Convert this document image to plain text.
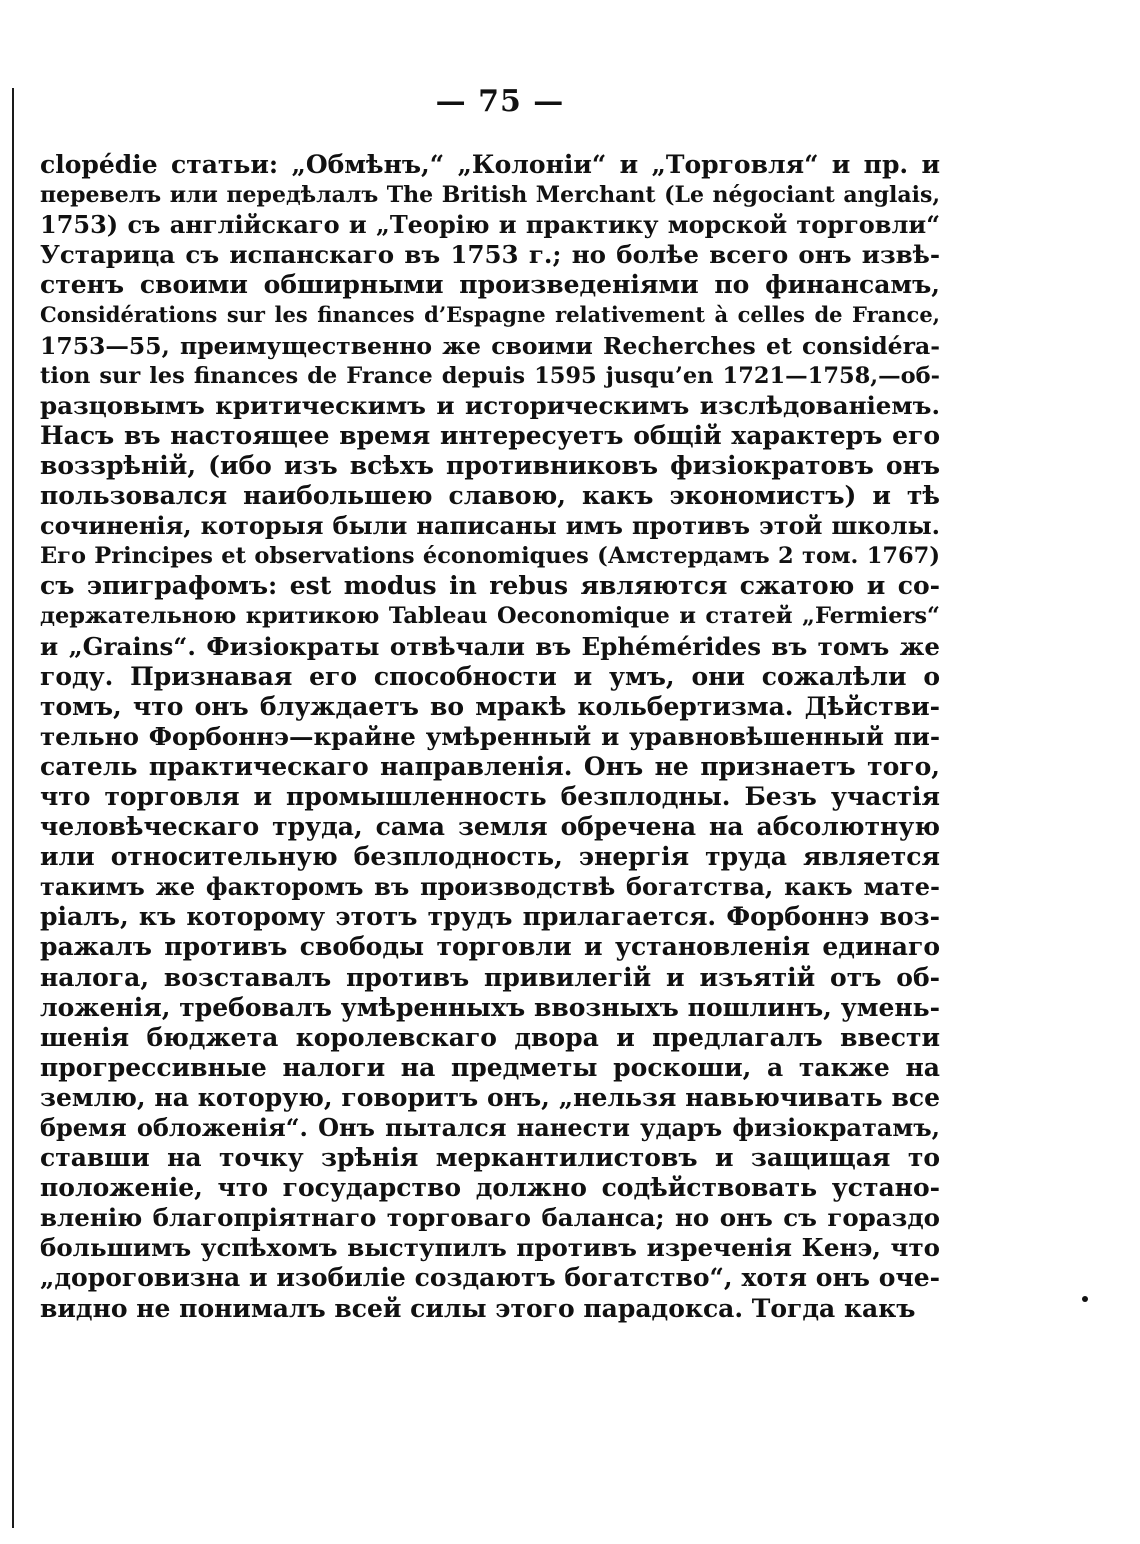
— 75 —
clopédie статьи: „Обмѣнъ,“ „Колоніи“ и „Торговля“ и пр. и
перевелъ или передѣлалъ The British Merchant (Le négociant anglais,
1753) съ англійскаго и „Теорію и практику морской торговли“
Устарица съ испанскаго въ 1753 г.; но болѣе всего онъ извѣ-
стенъ своими обширными произведеніями по финансамъ,
Considérations sur les finances d’Espagne relativement à celles de France,
1753—55, преимущественно же своими Recherches et considéra-
tion sur les finances de France depuis 1595 jusqu’en 1721—1758,—об-
разцовымъ критическимъ и историческимъ изслѣдованіемъ.
Насъ въ настоящее время интересуетъ общій характеръ его
воззрѣній, (ибо изъ всѣхъ противниковъ физіократовъ онъ
пользовался наибольшею славою, какъ экономистъ) и тѣ
сочиненія, которыя были написаны имъ противъ этой школы.
Его Principes et observations économiques (Амстердамъ 2 том. 1767)
съ эпиграфомъ: est modus in rebus являются сжатою и со-
держательною критикою Tableau Oeconomique и статей „Fermiers“
и „Grains“. Физіократы отвѣчали въ Ephémérides въ томъ же
году. Признавая его способности и умъ, они сожалѣли о
томъ, что онъ блуждаетъ во мракѣ кольбертизма. Дѣйстви-
тельно Форбоннэ—крайне умѣренный и уравновѣшенный пи-
сатель практическаго направленія. Онъ не признаетъ того,
что торговля и промышленность безплодны. Безъ участія
человѣческаго труда, сама земля обречена на абсолютную
или относительную безплодность, энергія труда является
такимъ же факторомъ въ производствѣ богатства, какъ мате-
ріалъ, къ которому этотъ трудъ прилагается. Форбоннэ воз-
ражалъ противъ свободы торговли и установленія единаго
налога, возставалъ противъ привилегій и изъятій отъ об-
ложенія, требовалъ умѣренныхъ ввозныхъ пошлинъ, умень-
шенія бюджета королевскаго двора и предлагалъ ввести
прогрессивные налоги на предметы роскоши, а также на
землю, на которую, говоритъ онъ, „нельзя навьючивать все
бремя обложенія“. Онъ пытался нанести ударъ физіократамъ,
ставши на точку зрѣнія меркантилистовъ и защищая то
положеніе, что государство должно содѣйствовать устано-
вленію благопріятнаго торговаго баланса; но онъ съ гораздо
большимъ успѣхомъ выступилъ противъ изреченія Кенэ, что
„дороговизна и изобиліе создаютъ богатство“, хотя онъ оче-
видно не понималъ всей силы этого парадокса. Тогда какъ
